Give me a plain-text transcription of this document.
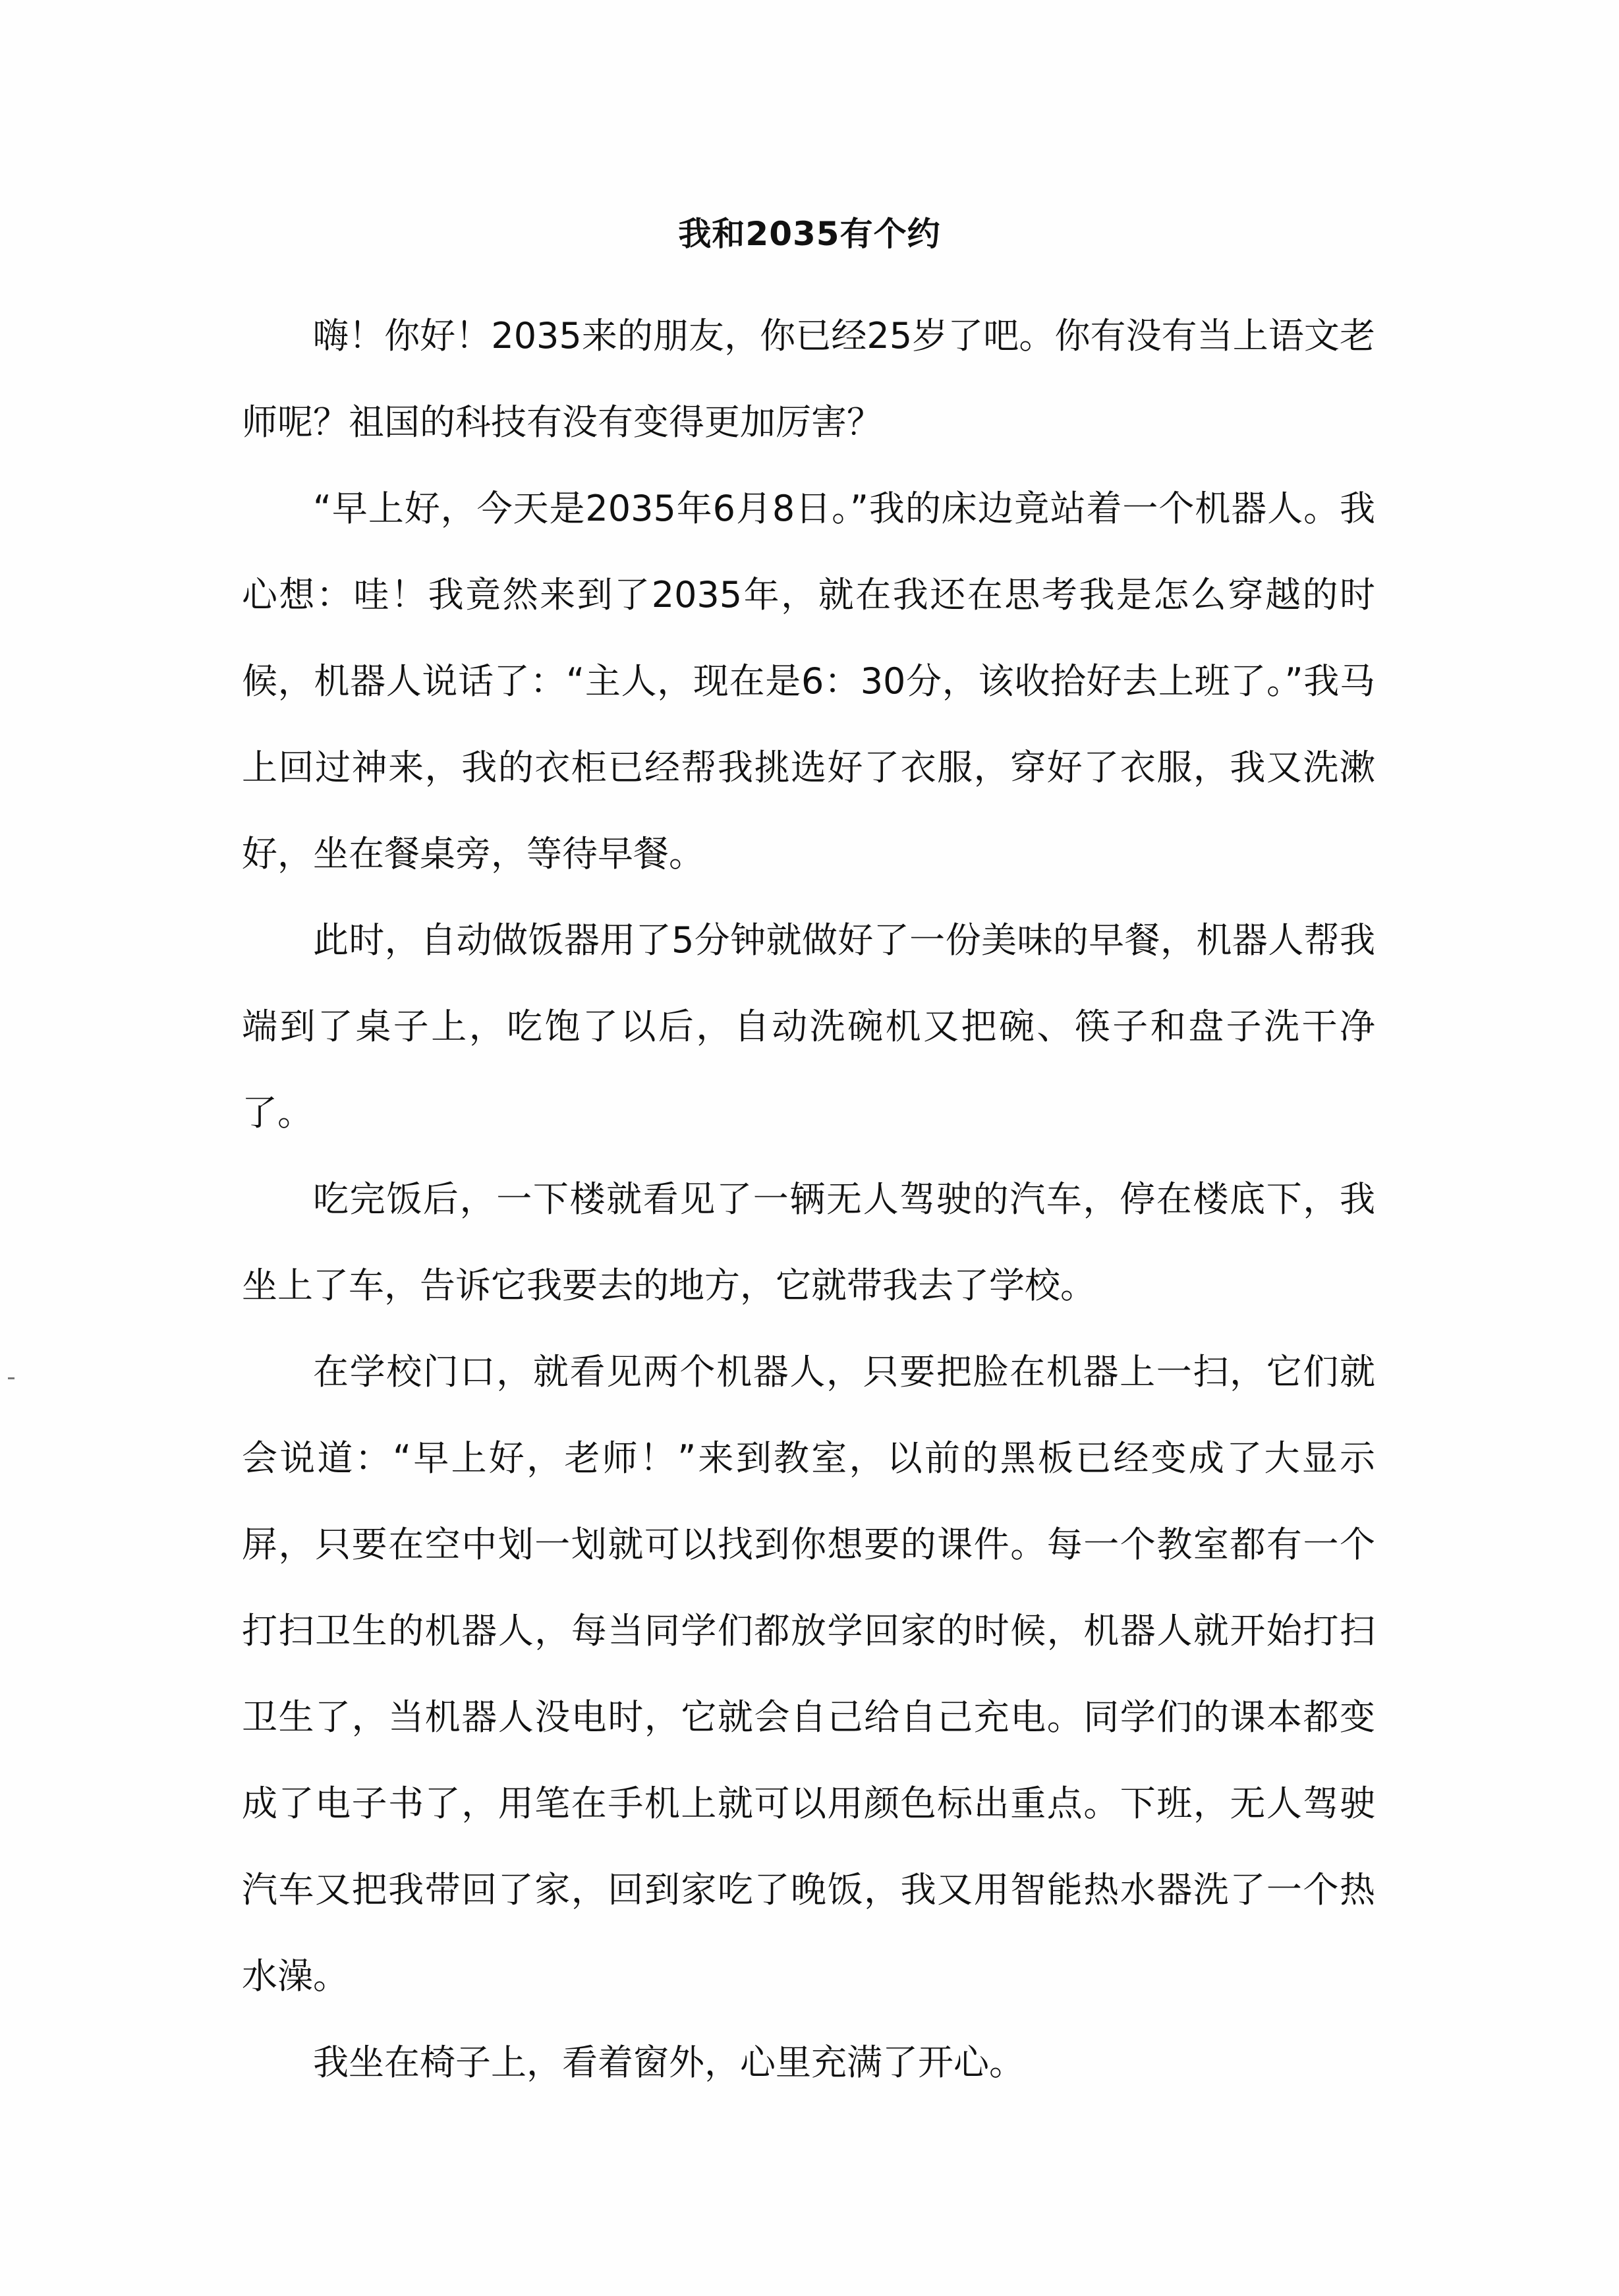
我和2035有个约

嗨！你好！2035来的朋友，你已经25岁了吧。你有没有当上语文老师呢？祖国的科技有没有变得更加厉害？

“早上好，今天是2035年6月8日。”我的床边竟站着一个机器人。我心想：哇！我竟然来到了2035年，就在我还在思考我是怎么穿越的时候，机器人说话了：“主人，现在是6：30分，该收拾好去上班了。”我马上回过神来，我的衣柜已经帮我挑选好了衣服，穿好了衣服，我又洗漱好，坐在餐桌旁，等待早餐。

此时，自动做饭器用了5分钟就做好了一份美味的早餐，机器人帮我端到了桌子上，吃饱了以后，自动洗碗机又把碗、筷子和盘子洗干净了。

吃完饭后，一下楼就看见了一辆无人驾驶的汽车，停在楼底下，我坐上了车，告诉它我要去的地方，它就带我去了学校。

在学校门口，就看见两个机器人，只要把脸在机器上一扫，它们就会说道：“早上好，老师！”来到教室，以前的黑板已经变成了大显示屏，只要在空中划一划就可以找到你想要的课件。每一个教室都有一个打扫卫生的机器人，每当同学们都放学回家的时候，机器人就开始打扫卫生了，当机器人没电时，它就会自己给自己充电。同学们的课本都变成了电子书了，用笔在手机上就可以用颜色标出重点。下班，无人驾驶汽车又把我带回了家，回到家吃了晚饭，我又用智能热水器洗了一个热水澡。

我坐在椅子上，看着窗外，心里充满了开心。
